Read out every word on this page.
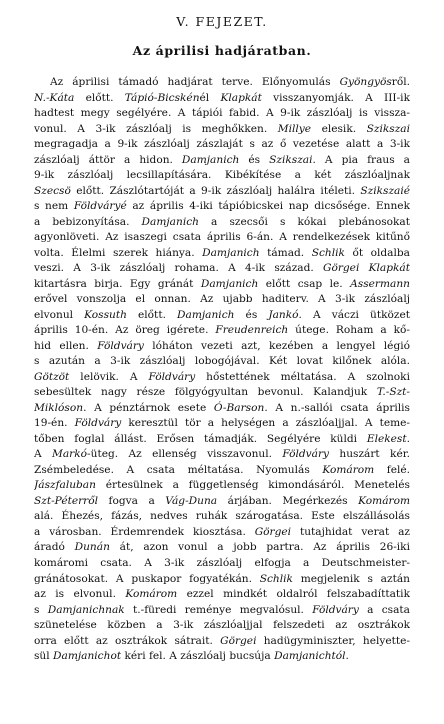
V. FEJEZET.
Az áprilisi hadjáratban.
Az áprilisi támadó hadjárat terve. Előnyomulás Gyöngyösről.
N.-Káta előtt. Tápió-Bicskénél Klapkát visszanyomják. A III-ik
hadtest megy segélyére. A tápiói fabid. A 9-ik zászlóalj is vissza-
vonul. A 3-ik zászlóalj is meghőkken. Millye elesik. Szikszai
megragadja a 9-ik zászlóalj zászlaját s az ő vezetése alatt a 3-ik
zászlóalj áttör a hidon. Damjanich és Szikszai. A pia fraus a
9-ik zászlóalj lecsillapítására. Kibékítése a két zászlóaljnak
Szecsö előtt. Zászlótartóját a 9-ik zászlóalj halálra itéleti. Szikszaié
s nem Földváryé az április 4-iki tápióbicskei nap dicsősége. Ennek
a bebizonyítása. Damjanich a szecsői s kókai plebánosokat
agyonlöveti. Az isaszegi csata április 6-án. A rendelkezések kitűnő
volta. Élelmi szerek hiánya. Damjanich támad. Schlik őt oldalba
veszi. A 3-ik zászlóalj rohama. A 4-ik század. Görgei Klapkát
kitartásra birja. Egy gránát Damjanich előtt csap le. Assermann
erővel vonszolja el onnan. Az ujabb haditerv. A 3-ik zászlóalj
elvonul Kossuth előtt. Damjanich és Jankó. A váczi ütközet
április 10-én. Az öreg igérete. Freudenreich útege. Roham a kő-
hid ellen. Földváry lóháton vezeti azt, kezében a lengyel légió
s azután a 3-ik zászlóalj lobogójával. Két lovat kilőnek alóla.
Götzöt lelövik. A Földváry hőstettének méltatása. A szolnoki
sebesültek nagy része fölgyógyultan bevonul. Kalandjuk T.-Szt-
Miklóson. A pénztárnok esete Ó-Barson. A n.-sallói csata április
19-én. Földváry keresztül tör a helységen a zászlóaljjal. A teme-
tőben foglal állást. Erősen támadják. Segélyére küldi Elekest.
A Markó-üteg. Az ellenség visszavonul. Földváry huszárt kér.
Zsémbeledése. A csata méltatása. Nyomulás Komárom felé.
Jászfaluban értesülnek a függetlenség kimondásáról. Menetelés
Szt-Péterről fogva a Vág-Duna árjában. Megérkezés Komárom
alá. Éhezés, fázás, nedves ruhák szárogatása. Este elszállásolás
a városban. Érdemrendek kiosztása. Görgei tutajhidat verat az
áradó Dunán át, azon vonul a jobb partra. Az április 26-iki
komáromi csata. A 3-ik zászlóalj elfogja a Deutschmeister-
gránátosokat. A puskapor fogyatékán. Schlik megjelenik s aztán
az is elvonul. Komárom ezzel mindkét oldalról felszabadíttatik
s Damjanichnak t.-füredi reménye megvalósul. Földváry a csata
szünetelése közben a 3-ik zászlóaljjal felszedeti az osztrákok
orra előtt az osztrákok sátrait. Görgei hadügyminiszter, helyette-
sül Damjanichot kéri fel. A zászlóalj bucsúja Damjanichtól.
